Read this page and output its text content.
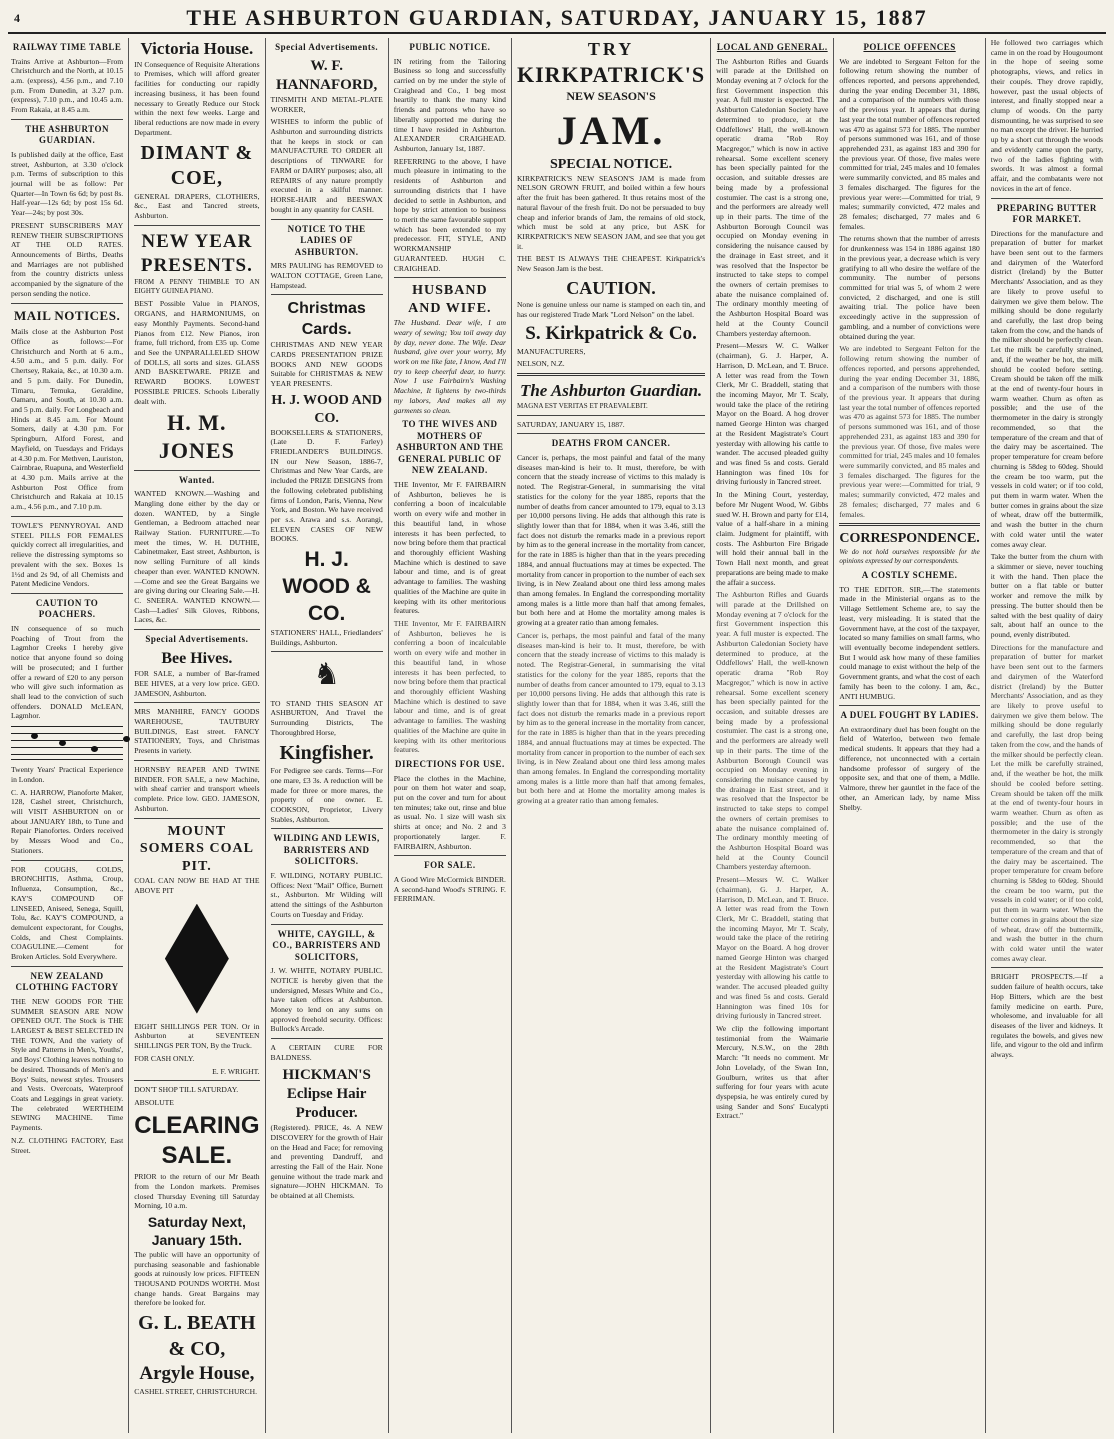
4	THE ASHBURTON GUARDIAN, SATURDAY, JANUARY 15, 1887
RAILWAY TIME TABLE

Trains Arrive at Ashburton—From Christchurch and the North, at 10.15 a.m. (express), 4.56 p.m., and 7.10 p.m. From Dunedin, at 3.27 p.m. (express), 7.10 p.m., and 10.45 a.m. From Rakaia, at 8.45 a.m.

THE ASHBURTON GUARDIAN.

Is published daily at the office, East street, Ashburton, at 3.30 o'clock p.m. Terms of subscription to this journal will be as follow: Per Quarter—In Town 6s 6d; by post 8s. Half-year—12s 6d; by post 15s 6d. Year—24s; by post 30s.

PRESENT SUBSCRIBERS MAY RENEW THEIR SUBSCRIPTIONS AT THE OLD RATES. Announcements of Births, Deaths and Marriages are not published from the country districts unless accompanied by the signature of the person sending the notice.

MAIL NOTICES.

Mails close at the Ashburton Post Office as follows:—For Christchurch and North at 6 a.m., 4.50 a.m., and 5 p.m. daily. For Chertsey, Rakaia, &c., at 10.30 a.m. and 5 p.m. daily. For Dunedin, Timaru, Temuka, Geraldine, Oamaru, and South, at 10.30 a.m. and 5 p.m. daily. For Longbeach and Hinds at 8.45 a.m. For Mount Somers, daily at 4.30 p.m. For Springburn, Alford Forest, and Mayfield, on Tuesdays and Fridays at 4.30 p.m. For Methven, Lauriston, Cairnbrae, Ruapuna, and Westerfield at 4.30 p.m. Mails arrive at the Ashburton Post Office from Christchurch and Rakaia at 10.15 a.m., 4.56 p.m., and 7.10 p.m.

TOWLE'S PENNYROYAL AND STEEL PILLS FOR FEMALES quickly correct all irregularities, and relieve the distressing symptoms so prevalent with the sex. Boxes 1s 1½d and 2s 9d, of all Chemists and Patent Medicine Vendors.

CAUTION TO POACHERS.

IN consequence of so much Poaching of Trout from the Lagmhor Creeks I hereby give notice that anyone found so doing will be prosecuted; and I further offer a reward of £20 to any person who will give such information as shall lead to the conviction of such offenders. DONALD McLEAN, Lagmhor.

Twenty Years' Practical Experience in London.

C. A. HARROW, Pianoforte Maker, 128, Cashel street, Christchurch, will VISIT ASHBURTON on or about JANUARY 18th, to Tune and Repair Pianofortes. Orders received by Messrs Wood and Co., Stationers.

FOR COUGHS, COLDS, BRONCHITIS, Asthma, Croup, Influenza, Consumption, &c., KAY'S COMPOUND OF LINSEED, Aniseed, Senega, Squill, Tolu, &c. KAY'S COMPOUND, a demulcent expectorant, for Coughs, Colds, and Chest Complaints. COAGULINE.—Cement for Broken Articles. Sold Everywhere.

NEW ZEALAND CLOTHING FACTORY

THE NEW GOODS FOR THE SUMMER SEASON ARE NOW OPENED OUT. The Stock is THE LARGEST & BEST SELECTED IN THE TOWN, And the variety of Style and Patterns in Men's, Youths', and Boys' Clothing leaves nothing to be desired. Thousands of Men's and Boys' Suits, newest styles. Trousers and Vests. Overcoats, Waterproof Coats and Leggings in great variety. The celebrated WERTHEIM SEWING MACHINE. Time Payments.

N.Z. CLOTHING FACTORY, East Street.

Victoria House.

IN Consequence of Requisite Alterations to Premises, which will afford greater facilities for conducting our rapidly increasing business, it has been found necessary to Greatly Reduce our Stock within the next few weeks. Large and liberal reductions are now made in every Department.

DIMANT & COE,

GENERAL DRAPERS, CLOTHIERS, &c., East and Tancred streets, Ashburton.

NEW YEAR PRESENTS.

FROM A PENNY THIMBLE TO AN EIGHTY GUINEA PIANO.

BEST Possible Value in PIANOS, ORGANS, and HARMONIUMS, on easy Monthly Payments. Second-hand Pianos from £12. New Pianos, iron frame, full trichord, from £35 up. Come and See the UNPARALLELED SHOW of DOLLS, all sorts and sizes. GLASS AND BASKETWARE. PRIZE and REWARD BOOKS. LOWEST POSSIBLE PRICES. Schools Liberally dealt with.

H. M. JONES
Wanted.

WANTED KNOWN.—Washing and Mangling done either by the day or dozen. WANTED, by a Single Gentleman, a Bedroom attached near Railway Station. FURNITURE.—To meet the times, W. H. DUTHIE, Cabinetmaker, East street, Ashburton, is now selling Furniture of all kinds cheaper than ever. WANTED KNOWN.—Come and see the Great Bargains we are giving during our Clearing Sale.—H. C. SNEERA. WANTED KNOWN.—Cash—Ladies' Silk Gloves, Ribbons, Laces, &c.

Special Advertisements.
Bee Hives.

FOR SALE, a number of Bar-framed BEE HIVES, at a very low price. GEO. JAMESON, Ashburton.

MRS MANHIRE, FANCY GOODS WAREHOUSE, TAUTBURY BUILDINGS, East street. FANCY STATIONERY, Toys, and Christmas Presents in variety.

HORNSBY REAPER AND TWINE BINDER. FOR SALE, a new Machine, with sheaf carrier and transport wheels complete. Price low. GEO. JAMESON, Ashburton.

MOUNT SOMERS COAL PIT.

COAL CAN NOW BE HAD AT THE ABOVE PIT

EIGHT SHILLINGS PER TON. Or in Ashburton at SEVENTEEN SHILLINGS PER TON, By the Truck.

FOR CASH ONLY.

E. F. WRIGHT.

DON'T SHOP TILL SATURDAY.

ABSOLUTE

CLEARING SALE.

PRIOR to the return of our Mr Beath from the London markets. Premises closed Thursday Evening till Saturday Morning, 10 a.m.

Saturday Next, January 15th.

The public will have an opportunity of purchasing seasonable and fashionable goods at ruinously low prices. FIFTEEN THOUSAND POUNDS WORTH. Most change hands. Great Bargains may therefore be looked for.

G. L. BEATH & CO,
Argyle House,

CASHEL STREET, CHRISTCHURCH.

Special Advertisements.
W. F. HANNAFORD,

TINSMITH AND METAL-PLATE WORKER,

WISHES to inform the public of Ashburton and surrounding districts that he keeps in stock or can MANUFACTURE TO ORDER all descriptions of TINWARE for FARM or DAIRY purposes; also, all REPAIRS of any nature promptly executed in a skilful manner. HORSE-HAIR and BEESWAX bought in any quantity for CASH.

NOTICE TO THE LADIES OF ASHBURTON.

MRS PAULING has REMOVED to WALTON COTTAGE, Green Lane, Hampstead.

Christmas Cards.

CHRISTMAS AND NEW YEAR CARDS PRESENTATION PRIZE BOOKS AND NEW GOODS Suitable for CHRISTMAS & NEW YEAR PRESENTS.

H. J. WOOD AND CO.

BOOKSELLERS & STATIONERS, (Late D. F. Farley) FRIEDLANDER'S BUILDINGS. IN our New Season, 1886-7, Christmas and New Year Cards, are included the PRIZE DESIGNS from the following celebrated publishing firms of London, Paris, Vienna, New York, and Boston. We have received per s.s. Arawa and s.s. Aorangi, ELEVEN CASES OF NEW BOOKS.

H. J. WOOD & CO.

STATIONERS' HALL, Friedlanders' Buildings, Ashburton.

♞

TO STAND THIS SEASON AT ASHBURTON, And Travel the Surrounding Districts, The Thoroughbred Horse,

Kingfisher.

For Pedigree see cards. Terms—For one mare, £3 3s. A reduction will be made for three or more mares, the property of one owner. E. COOKSON, Proprietor, Livery Stables, Ashburton.

WILDING AND LEWIS, BARRISTERS AND SOLICITORS.

F. WILDING, NOTARY PUBLIC. Offices: Next "Mail" Office, Burnett st., Ashburton. Mr Wilding will attend the sittings of the Ashburton Courts on Tuesday and Friday.

WHITE, CAYGILL, & CO., BARRISTERS AND SOLICITORS,

J. W. WHITE, NOTARY PUBLIC. NOTICE is hereby given that the undersigned, Messrs White and Co., have taken offices at Ashburton. Money to lend on any sums on approved freehold security. Offices: Bullock's Arcade.

A CERTAIN CURE FOR BALDNESS.

HICKMAN'S Eclipse Hair Producer.

(Registered). PRICE, 4s. A NEW DISCOVERY for the growth of Hair on the Head and Face; for removing and preventing Dandruff, and arresting the Fall of the Hair. None genuine without the trade mark and signature—JOHN HICKMAN. To be obtained at all Chemists.

PUBLIC NOTICE.

IN retiring from the Tailoring Business so long and successfully carried on by me under the style of Craighead and Co., I beg most heartily to thank the many kind friends and patrons who have so liberally supported me during the time I have resided in Ashburton. ALEXANDER CRAIGHEAD. Ashburton, January 1st, 1887.

REFERRING to the above, I have much pleasure in intimating to the residents of Ashburton and surrounding districts that I have decided to settle in Ashburton, and hope by strict attention to business to merit the same favourable support which has been extended to my predecessor. FIT, STYLE, AND WORKMANSHIP GUARANTEED. HUGH C. CRAIGHEAD.

HUSBAND AND WIFE.

The Husband. Dear wife, I am weary of sewing; You toil away day by day, never done. The Wife. Dear husband, give over your worry, My work on me like fate, I know, And I'll try to keep cheerful dear, to hurry. Now I use Fairbairn's Washing Machine, It lightens by two-thirds my labors, And makes all my garments so clean.

TO THE WIVES AND MOTHERS OF ASHBURTON AND THE GENERAL PUBLIC OF NEW ZEALAND.

THE Inventor, Mr F. FAIRBAIRN of Ashburton, believes he is conferring a boon of incalculable worth on every wife and mother in this beautiful land, in whose interests it has been perfected, to now bring before them that practical and thoroughly efficient Washing Machine which is destined to save labour and time, and is of great advantage to families. The washing qualities of the Machine are quite in keeping with its other meritorious features.

THE Inventor, Mr F. FAIRBAIRN of Ashburton, believes he is conferring a boon of incalculable worth on every wife and mother in this beautiful land, in whose interests it has been perfected, to now bring before them that practical and thoroughly efficient Washing Machine which is destined to save labour and time, and is of great advantage to families. The washing qualities of the Machine are quite in keeping with its other meritorious features.

DIRECTIONS FOR USE.

Place the clothes in the Machine, pour on them hot water and soap, put on the cover and turn for about ten minutes; take out, rinse and blue as usual. No. 1 size will wash six shirts at once; and No. 2 and 3 proportionately larger. F. FAIRBAIRN, Ashburton.

FOR SALE.

A Good Wire McCormick BINDER. A second-hand Wood's STRING. F. FERRIMAN.

TRY
KIRKPATRICK'S
NEW SEASON'S
JAM.
SPECIAL NOTICE.

KIRKPATRICK'S NEW SEASON'S JAM is made from NELSON GROWN FRUIT, and boiled within a few hours after the fruit has been gathered. It thus retains most of the natural flavour of the fresh fruit. Do not be persuaded to buy cheap and inferior brands of Jam, the remains of old stock, which must be sold at any price, but ASK for KIRKPATRICK'S NEW SEASON JAM, and see that you get it.

THE BEST IS ALWAYS THE CHEAPEST. Kirkpatrick's New Season Jam is the best.

CAUTION.

None is genuine unless our name is stamped on each tin, and has our registered Trade Mark "Lord Nelson" on the label.

S. Kirkpatrick & Co.

MANUFACTURERS,

NELSON, N.Z.

The Ashburton Guardian.

MAGNA EST VERITAS ET PRAEVALEBIT.

SATURDAY, JANUARY 15, 1887.

DEATHS FROM CANCER.

Cancer is, perhaps, the most painful and fatal of the many diseases man-kind is heir to. It must, therefore, be with concern that the steady increase of victims to this malady is noted. The Registrar-General, in summarising the vital statistics for the colony for the year 1885, reports that the number of deaths from cancer amounted to 179, equal to 3.13 per 10,000 persons living. He adds that although this rate is slightly lower than that for 1884, when it was 3.46, still the fact does not disturb the remarks made in a previous report by him as to the general increase in the mortality from cancer, for the rate in 1885 is higher than that in the years preceding 1884, and annual fluctuations may at times be expected. The mortality from cancer in proportion to the number of each sex living, is in New Zealand about one third less among males than among females. In England the corresponding mortality among males is a little more than half that among females, but both here and at Home the mortality among males is growing at a greater ratio than among females.

Cancer is, perhaps, the most painful and fatal of the many diseases man-kind is heir to. It must, therefore, be with concern that the steady increase of victims to this malady is noted. The Registrar-General, in summarising the vital statistics for the colony for the year 1885, reports that the number of deaths from cancer amounted to 179, equal to 3.13 per 10,000 persons living. He adds that although this rate is slightly lower than that for 1884, when it was 3.46, still the fact does not disturb the remarks made in a previous report by him as to the general increase in the mortality from cancer, for the rate in 1885 is higher than that in the years preceding 1884, and annual fluctuations may at times be expected. The mortality from cancer in proportion to the number of each sex living, is in New Zealand about one third less among males than among females. In England the corresponding mortality among males is a little more than half that among females, but both here and at Home the mortality among males is growing at a greater ratio than among females.

LOCAL AND GENERAL.

The Ashburton Rifles and Guards will parade at the Drillshed on Monday evening at 7 o'clock for the first Government inspection this year. A full muster is expected. The Ashburton Caledonian Society have determined to produce, at the Oddfellows' Hall, the well-known operatic drama "Rob Roy Macgregor," which is now in active rehearsal. Some excellent scenery has been specially painted for the occasion, and suitable dresses are being made by a professional costumier. The cast is a strong one, and the performers are already well up in their parts. The time of the Ashburton Borough Council was occupied on Monday evening in considering the nuisance caused by the drainage in East street, and it was resolved that the Inspector be instructed to take steps to compel the owners of certain premises to abate the nuisance complained of. The ordinary monthly meeting of the Ashburton Hospital Board was held at the County Council Chambers yesterday afternoon.

Present—Messrs W. C. Walker (chairman), G. J. Harper, A. Harrison, D. McLean, and T. Bruce. A letter was read from the Town Clerk, Mr C. Braddell, stating that the incoming Mayor, Mr T. Scaly, would take the place of the retiring Mayor on the Board. A hog drover named George Hinton was charged at the Resident Magistrate's Court yesterday with allowing his cattle to wander. The accused pleaded guilty and was fined 5s and costs. Gerald Hannington was fined 10s for driving furiously in Tancred street.

In the Mining Court, yesterday, before Mr Nugent Wood, W. Gibbs sued W. H. Brown and party for £14, value of a half-share in a mining claim. Judgment for plaintiff, with costs. The Ashburton Fire Brigade will hold their annual ball in the Town Hall next month, and great preparations are being made to make the affair a success.

The Ashburton Rifles and Guards will parade at the Drillshed on Monday evening at 7 o'clock for the first Government inspection this year. A full muster is expected. The Ashburton Caledonian Society have determined to produce, at the Oddfellows' Hall, the well-known operatic drama "Rob Roy Macgregor," which is now in active rehearsal. Some excellent scenery has been specially painted for the occasion, and suitable dresses are being made by a professional costumier. The cast is a strong one, and the performers are already well up in their parts. The time of the Ashburton Borough Council was occupied on Monday evening in considering the nuisance caused by the drainage in East street, and it was resolved that the Inspector be instructed to take steps to compel the owners of certain premises to abate the nuisance complained of. The ordinary monthly meeting of the Ashburton Hospital Board was held at the County Council Chambers yesterday afternoon.

Present—Messrs W. C. Walker (chairman), G. J. Harper, A. Harrison, D. McLean, and T. Bruce. A letter was read from the Town Clerk, Mr C. Braddell, stating that the incoming Mayor, Mr T. Scaly, would take the place of the retiring Mayor on the Board. A hog drover named George Hinton was charged at the Resident Magistrate's Court yesterday with allowing his cattle to wander. The accused pleaded guilty and was fined 5s and costs. Gerald Hannington was fined 10s for driving furiously in Tancred street.

We clip the following important testimonial from the Waimarie Mercury, N.S.W., on the 28th March: "It needs no comment. Mr John Lovelady, of the Swan Inn, Goulburn, writes us that after suffering for four years with acute dyspepsia, he was entirely cured by using Sander and Sons' Eucalypti Extract."

POLICE OFFENCES

We are indebted to Sergeant Felton for the following return showing the number of offences reported, and persons apprehended, during the year ending December 31, 1886, and a comparison of the numbers with those of the previous year. It appears that during last year the total number of offences reported was 470 as against 573 for 1885. The number of persons summoned was 161, and of those apprehended 231, as against 183 and 390 for the previous year. Of those, five males were committed for trial, 245 males and 10 females were summarily convicted, and 85 males and 3 females discharged. The figures for the previous year were:—Committed for trial, 9 males; summarily convicted, 472 males and 28 females; discharged, 77 males and 6 females.

The returns shown that the number of arrests for drunkenness was 154 in 1886 against 180 in the previous year, a decrease which is very gratifying to all who desire the welfare of the community. The number of persons committed for trial was 5, of whom 2 were convicted, 2 discharged, and one is still awaiting trial. The police have been exceedingly active in the suppression of gambling, and a number of convictions were obtained during the year.

We are indebted to Sergeant Felton for the following return showing the number of offences reported, and persons apprehended, during the year ending December 31, 1886, and a comparison of the numbers with those of the previous year. It appears that during last year the total number of offences reported was 470 as against 573 for 1885. The number of persons summoned was 161, and of those apprehended 231, as against 183 and 390 for the previous year. Of those, five males were committed for trial, 245 males and 10 females were summarily convicted, and 85 males and 3 females discharged. The figures for the previous year were:—Committed for trial, 9 males; summarily convicted, 472 males and 28 females; discharged, 77 males and 6 females.

CORRESPONDENCE.

We do not hold ourselves responsible for the opinions expressed by our correspondents.

A COSTLY SCHEME.

TO THE EDITOR. SIR,—The statements made in the Ministerial organs as to the Village Settlement Scheme are, to say the least, very misleading. It is stated that the Government have, at the cost of the taxpayer, located so many families on small farms, who will eventually become independent settlers. But I would ask how many of these families could manage to exist without the help of the Government grants, and what the cost of each family has been to the colony. I am, &c., ANTI HUMBUG.

A DUEL FOUGHT BY LADIES.

An extraordinary duel has been fought on the field of Waterloo, between two female medical students. It appears that they had a difference, not unconnected with a certain handsome professor of surgery of the opposite sex, and that one of them, a Mdlle. Valmore, threw her gauntlet in the face of the other, an American lady, by name Miss Shelby.

He followed two carriages which came in on the road by Hougoumont in the hope of seeing some photographs, views, and relics in their coupés. They drove rapidly, however, past the usual objects of interest, and finally stopped near a clump of woods. On the party dismounting, he was surprised to see no man except the driver. He hurried up by a short cut through the woods and evidently came upon the party, two of the ladies fighting with swords. It was almost a formal affair, and the combatants were not novices in the art of fence.

PREPARING BUTTER FOR MARKET.

Directions for the manufacture and preparation of butter for market have been sent out to the farmers and dairymen of the Waterford district (Ireland) by the Butter Merchants' Association, and as they are likely to prove useful to dairymen we give them below. The milking should be done regularly and carefully, the last drop being taken from the cow, and the hands of the milker should be perfectly clean. Let the milk be carefully strained, and, if the weather be hot, the milk should be cooled before setting. Cream should be taken off the milk at the end of twenty-four hours in warm weather. Churn as often as possible; and the use of the thermometer in the dairy is strongly recommended, so that the temperature of the cream and that of the dairy may be ascertained. The proper temperature for cream before churning is 58deg to 60deg. Should the cream be too warm, put the vessels in cold water; or if too cold, put them in warm water. When the butter comes in grains about the size of wheat, draw off the buttermilk, and wash the butter in the churn with cold water until the water comes away clear.

Take the butter from the churn with a skimmer or sieve, never touching it with the hand. Then place the butter on a flat table or butter worker and remove the milk by pressing. The butter should then be salted with the best quality of dairy salt, about half an ounce to the pound, evenly distributed.

Directions for the manufacture and preparation of butter for market have been sent out to the farmers and dairymen of the Waterford district (Ireland) by the Butter Merchants' Association, and as they are likely to prove useful to dairymen we give them below. The milking should be done regularly and carefully, the last drop being taken from the cow, and the hands of the milker should be perfectly clean. Let the milk be carefully strained, and, if the weather be hot, the milk should be cooled before setting. Cream should be taken off the milk at the end of twenty-four hours in warm weather. Churn as often as possible; and the use of the thermometer in the dairy is strongly recommended, so that the temperature of the cream and that of the dairy may be ascertained. The proper temperature for cream before churning is 58deg to 60deg. Should the cream be too warm, put the vessels in cold water; or if too cold, put them in warm water. When the butter comes in grains about the size of wheat, draw off the buttermilk, and wash the butter in the churn with cold water until the water comes away clear.

BRIGHT PROSPECTS.—If a sudden failure of health occurs, take Hop Bitters, which are the best family medicine on earth. Pure, wholesome, and invaluable for all diseases of the liver and kidneys. It regulates the bowels, and gives new life, and vigour to the old and infirm always.
